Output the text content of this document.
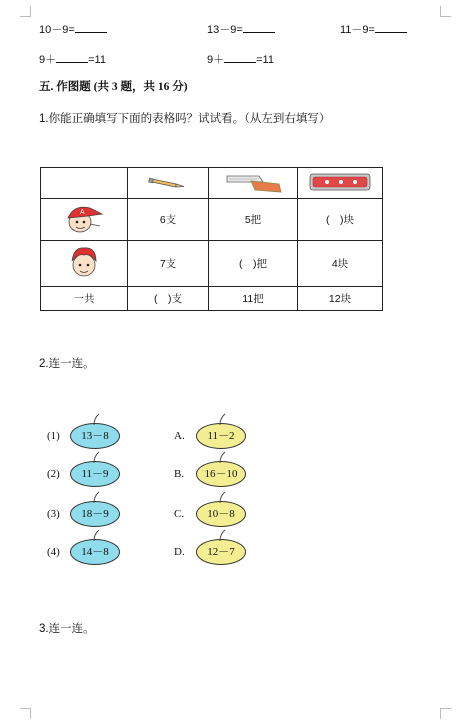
10－9=	13－9=	11－9=
9＋	=11	9＋	=11
五. 作图题 (共 3 题，共 16 分)
1.你能正确填写下面的表格吗？试试看。（从左到右填写）

A	6支	5把	(　)块
	7支	(　)把	4块
一共	(　)支	11把	12块
2.连一连。
(1)	13－8
(2)	11－9
(3)	18－9
(4)	14－8
A.	11－2
B.	16－10
C.	10－8
D.	12－7
3.连一连。
